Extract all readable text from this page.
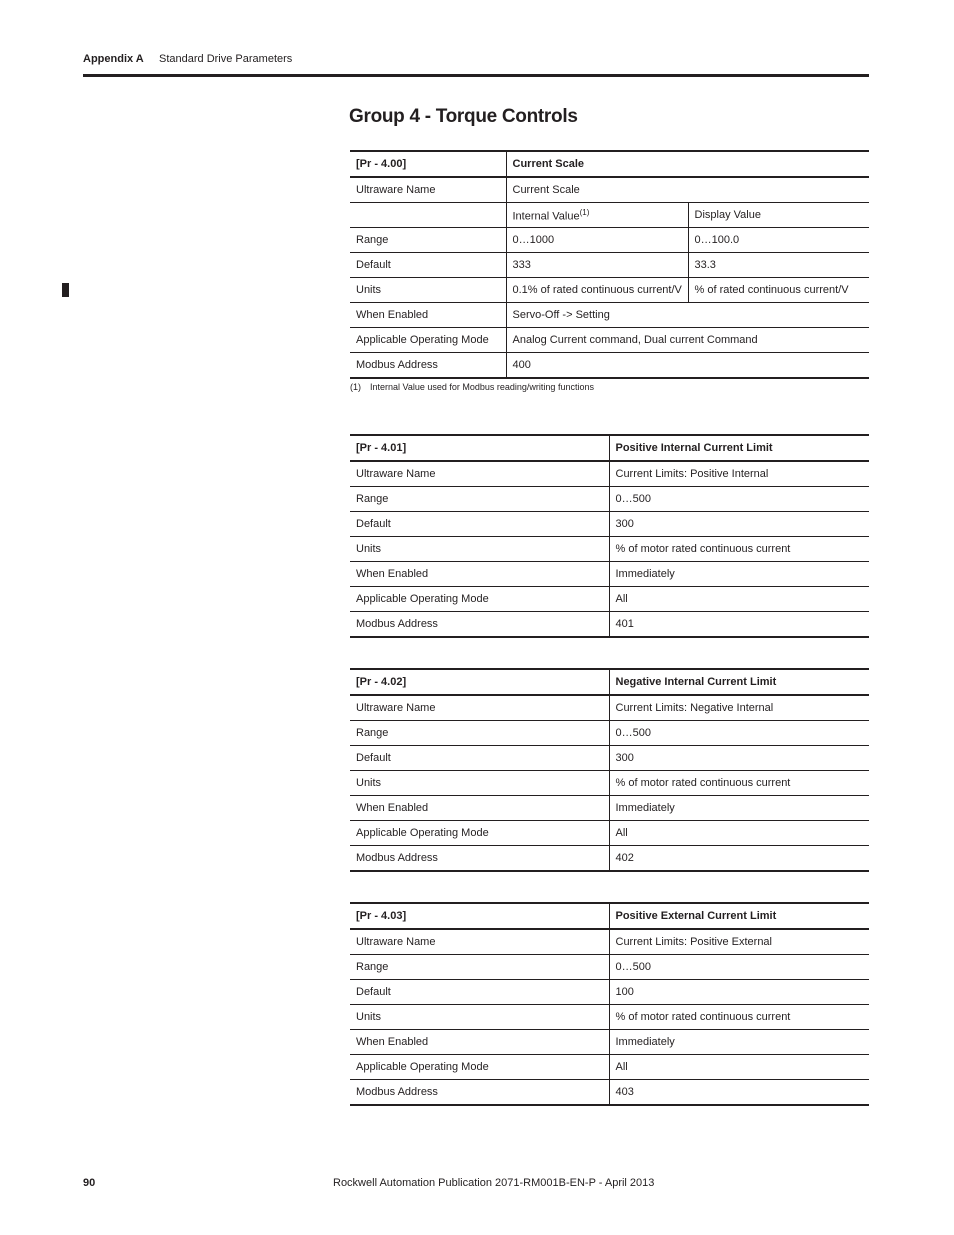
Appendix A Standard Drive Parameters
Group 4 - Torque Controls
[Pr - 4.00]	Current Scale	
Ultraware Name	Current Scale	
	Internal Value$^{(1)}$	Display Value
Range	0…1000	0…100.0
Default	333	33.3
Units	0.1% of rated continuous current/V	% of rated continuous current/V
When Enabled	Servo-Off -> Setting	
Applicable Operating Mode	Analog Current command, Dual current Command	
Modbus Address	400	
(1) Internal Value used for Modbus reading/writing functions
[Pr - 4.01]	Positive Internal Current Limit
Ultraware Name	Current Limits: Positive Internal
Range	0…500
Default	300
Units	% of motor rated continuous current
When Enabled	Immediately
Applicable Operating Mode	All
Modbus Address	401
[Pr - 4.02]	Negative Internal Current Limit
Ultraware Name	Current Limits: Negative Internal
Range	0…500
Default	300
Units	% of motor rated continuous current
When Enabled	Immediately
Applicable Operating Mode	All
Modbus Address	402
[Pr - 4.03]	Positive External Current Limit
Ultraware Name	Current Limits: Positive External
Range	0…500
Default	100
Units	% of motor rated continuous current
When Enabled	Immediately
Applicable Operating Mode	All
Modbus Address	403
90	Rockwell Automation Publication 2071-RM001B-EN-P - April 2013
